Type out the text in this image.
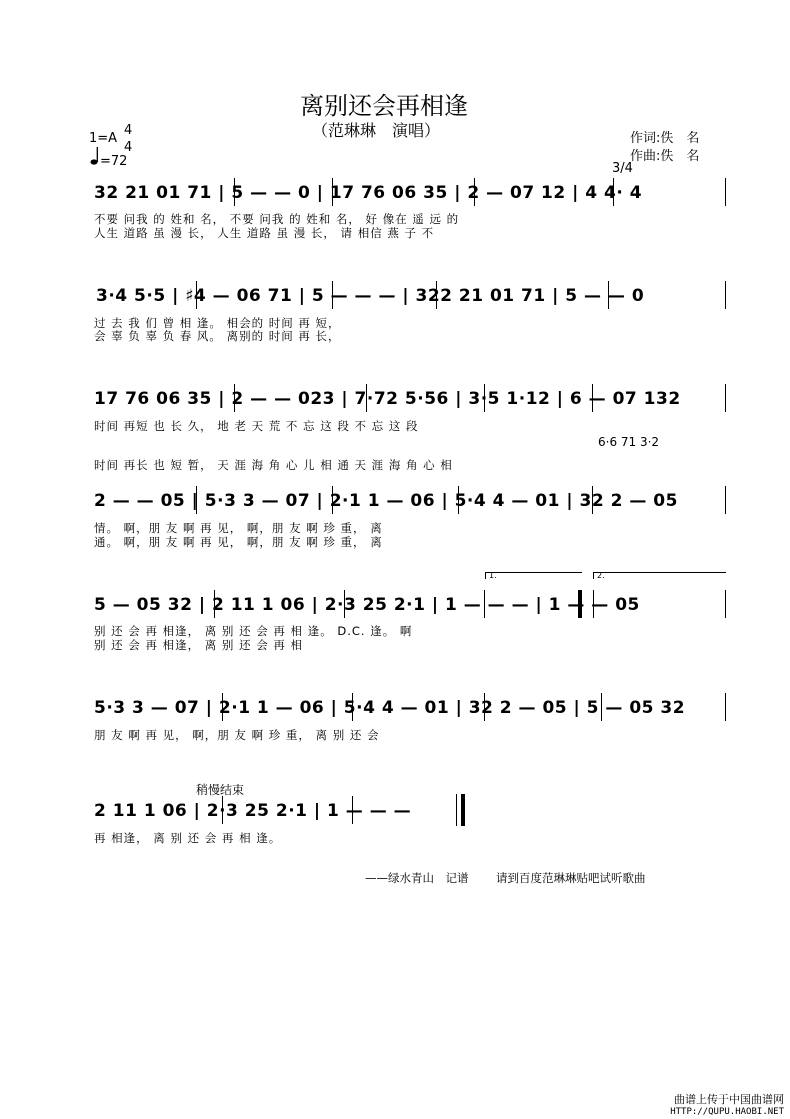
离别还会再相逢
（范琳琳　演唱）
1=A
4
4
=72
作词:佚　名
作曲:佚　名
3/4
32 21 01 71 | 5 — — 0 | 17 76 06 35 | 2 — 07 12 | 4 4· 4
不要 问我 的 姓和 名， 不要 问我 的 姓和 名， 好 像在 遥 远 的
人生 道路 虽 漫 长， 人生 道路 虽 漫 长， 请 相信 燕 子 不
3·4 5·5 | ♯4 — 06 71 | 5 — — — | 322 21 01 71 | 5 — — 0
过 去 我 们 曾 相 逢。 相会的 时间 再 短，
会 辜 负 辜 负 春 风。 离别的 时间 再 长，
17 76 06 35 | 2 — — 023 | 7·72 5·56 | 3·5 1·12 | 6 — 07 132
时间 再短 也 长 久， 地 老 天 荒 不 忘 这 段 不 忘 这 段
6·6 71 3·2
时间 再长 也 短 暂， 天 涯 海 角 心 儿 相 通 天 涯 海 角 心 相
2 — — 05 | 5·3 3 — 07 | 2·1 1 — 06 | 5·4 4 — 01 | 32 2 — 05
情。 啊，朋 友 啊 再 见， 啊，朋 友 啊 珍 重， 离
通。 啊，朋 友 啊 再 见， 啊，朋 友 啊 珍 重， 离
1.	2.
5 — 05 32 | 2 11 1 06 | 2·3 25 2·1 | 1 — — — | 1 — — 05
别 还 会 再 相逢， 离 别 还 会 再 相 逢。 D.C. 逢。 啊
别 还 会 再 相逢， 离 别 还 会 再 相
5·3 3 — 07 | 2·1 1 — 06 | 5·4 4 — 01 | 32 2 — 05 | 5 — 05 32
朋 友 啊 再 见， 啊，朋 友 啊 珍 重， 离 别 还 会
稍慢结束
2 11 1 06 | 2·3 25 2·1 | 1 — — —
再 相逢， 离 别 还 会 再 相 逢。
——绿水青山　记谱 请到百度范琳琳贴吧试听歌曲
曲谱上传于中国曲谱网
HTTP://QUPU.HAOBI.NET
